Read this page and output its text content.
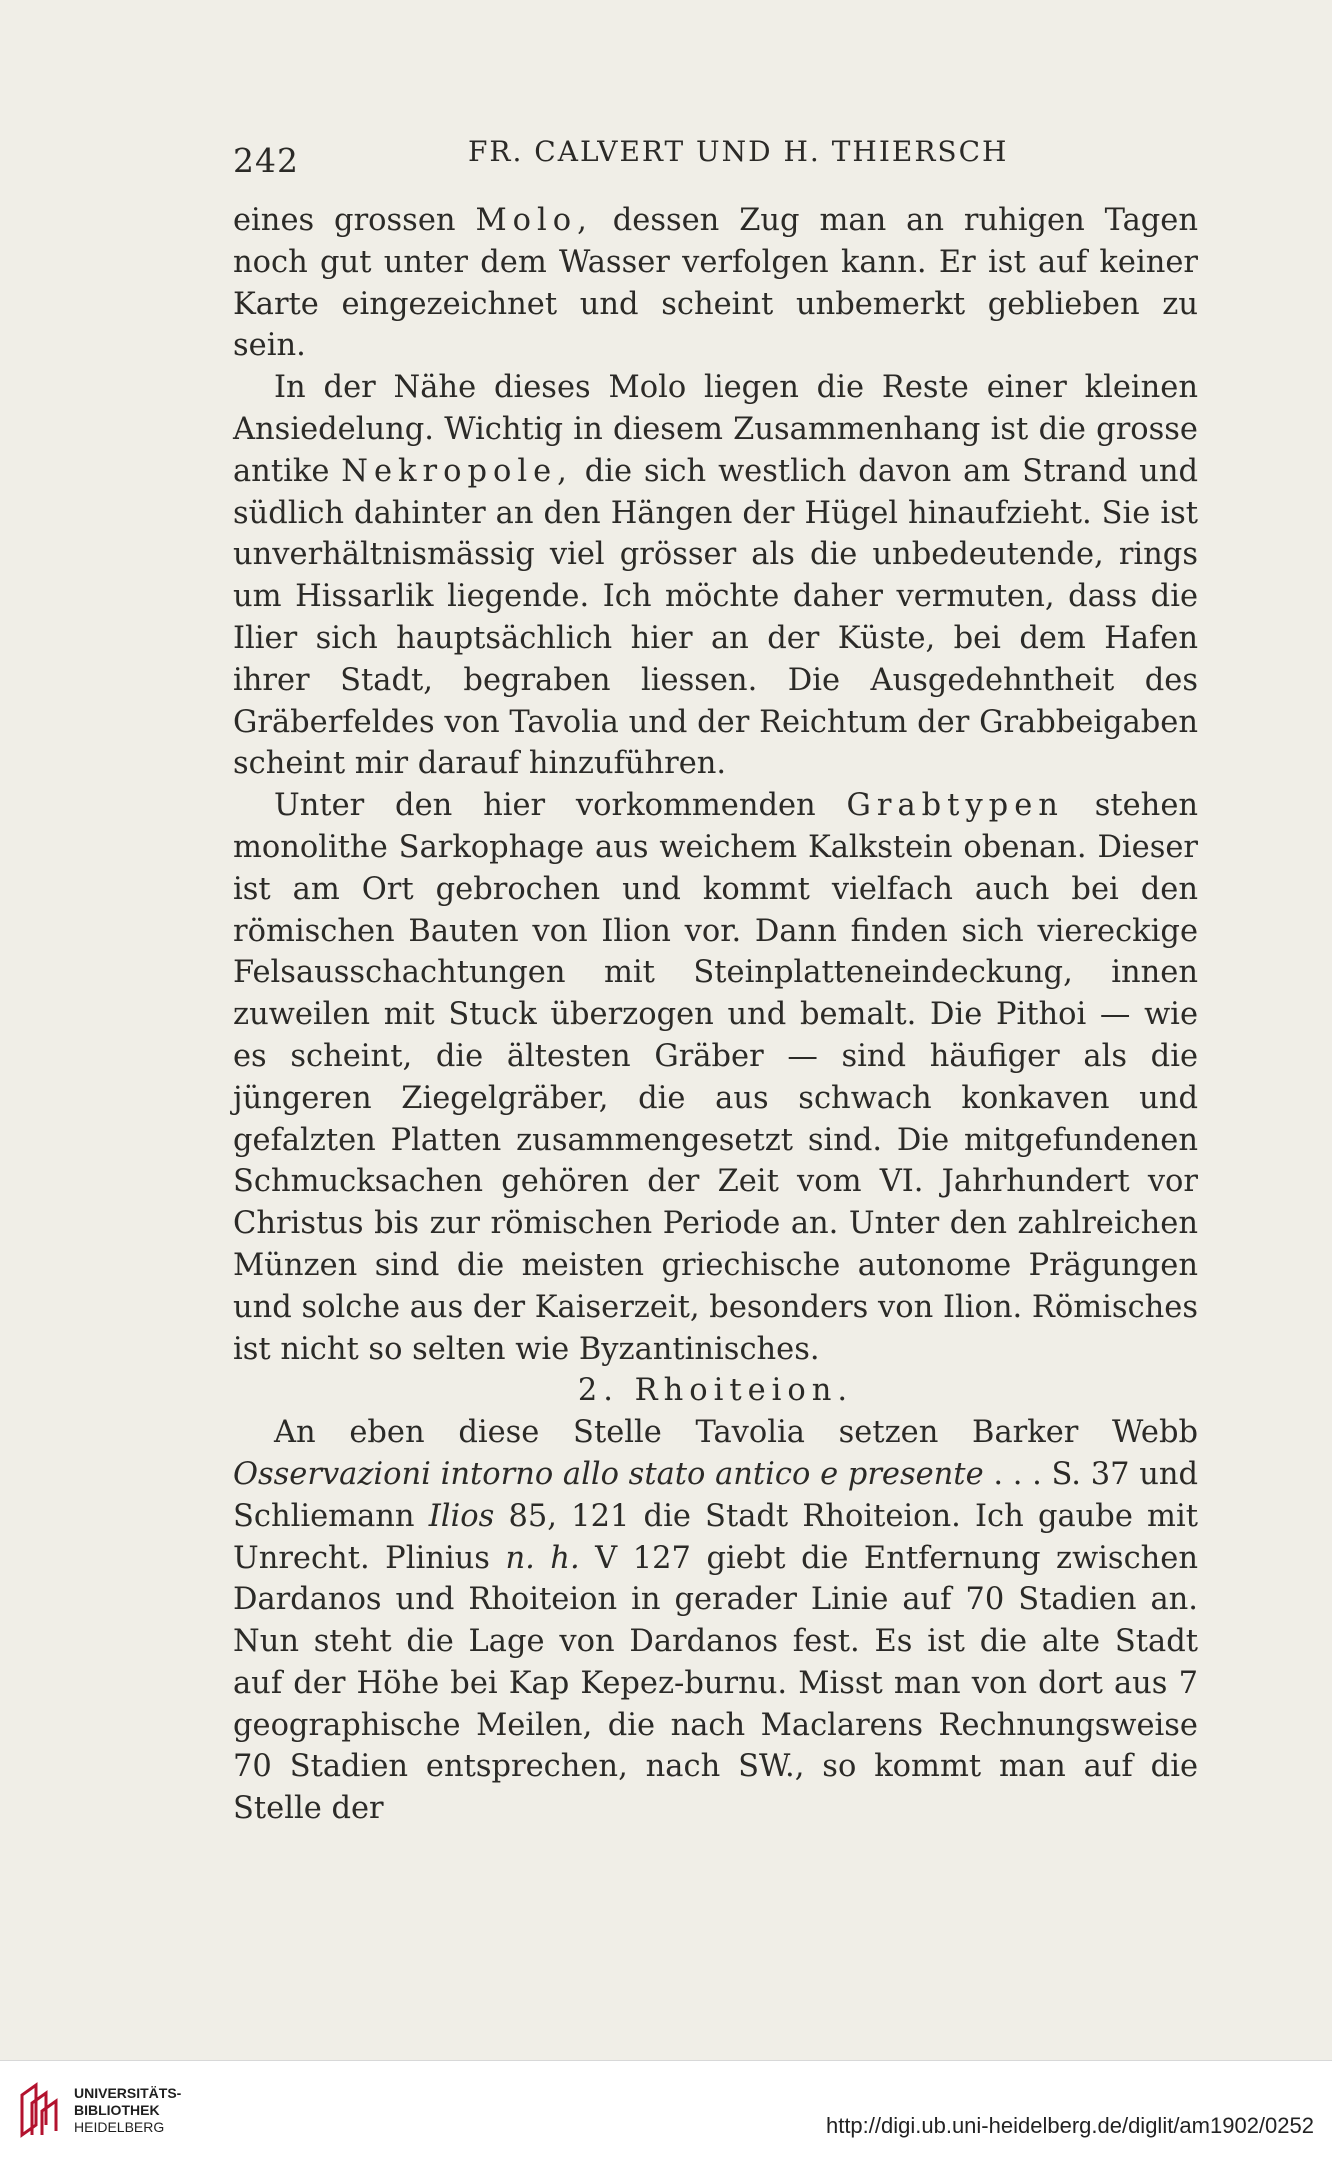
242	FR. CALVERT UND H. THIERSCH

eines grossen Molo, dessen Zug man an ruhigen Tagen noch gut unter dem Wasser verfolgen kann. Er ist auf keiner Karte eingezeichnet und scheint unbemerkt geblieben zu sein.

In der Nähe dieses Molo liegen die Reste einer kleinen Ansiedelung. Wichtig in diesem Zusammenhang ist die grosse antike Nekropole, die sich westlich davon am Strand und südlich dahinter an den Hängen der Hügel hinaufzieht. Sie ist unverhältnismässig viel grösser als die unbedeutende, rings um Hissarlik liegende. Ich möchte daher vermuten, dass die Ilier sich hauptsächlich hier an der Küste, bei dem Hafen ihrer Stadt, begraben liessen. Die Ausgedehntheit des Gräberfeldes von Tavolia und der Reichtum der Grabbeigaben scheint mir darauf hinzuführen.

Unter den hier vorkommenden Grabtypen stehen monolithe Sarkophage aus weichem Kalkstein obenan. Dieser ist am Ort gebrochen und kommt vielfach auch bei den römischen Bauten von Ilion vor. Dann finden sich viereckige Felsausschachtungen mit Steinplatteneindeckung, innen zuweilen mit Stuck überzogen und bemalt. Die Pithoi — wie es scheint, die ältesten Gräber — sind häufiger als die jüngeren Ziegelgräber, die aus schwach konkaven und gefalzten Platten zusammengesetzt sind. Die mitgefundenen Schmucksachen gehören der Zeit vom VI. Jahrhundert vor Christus bis zur römischen Periode an. Unter den zahlreichen Münzen sind die meisten griechische autonome Prägungen und solche aus der Kaiserzeit, besonders von Ilion. Römisches ist nicht so selten wie Byzantinisches.

2. Rhoiteion.

An eben diese Stelle Tavolia setzen Barker Webb Osservazioni intorno allo stato antico e presente . . . S. 37 und Schliemann Ilios 85, 121 die Stadt Rhoiteion. Ich gaube mit Unrecht. Plinius n. h. V 127 giebt die Entfernung zwischen Dardanos und Rhoiteion in gerader Linie auf 70 Stadien an. Nun steht die Lage von Dardanos fest. Es ist die alte Stadt auf der Höhe bei Kap Kepez-burnu. Misst man von dort aus 7 geographische Meilen, die nach Maclarens Rechnungsweise 70 Stadien entsprechen, nach SW., so kommt man auf die Stelle der

UNIVERSITÄTS-
BIBLIOTHEK
HEIDELBERG	http://digi.ub.uni-heidelberg.de/diglit/am1902/0252
